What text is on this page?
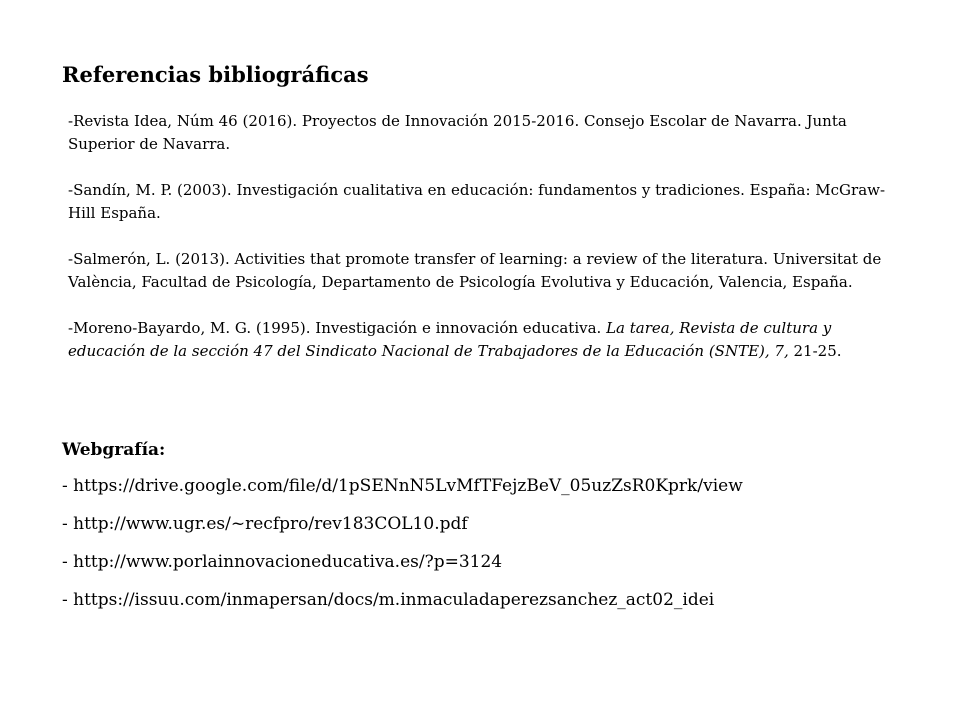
Referencias bibliográficas
-Revista Idea, Núm 46 (2016). Proyectos de Innovación 2015-2016. Consejo Escolar de Navarra. Junta Superior de Navarra.
-Sandín, M. P. (2003). Investigación cualitativa en educación: fundamentos y tradiciones. España: McGraw-Hill España.
-Salmerón, L. (2013). Activities that promote transfer of learning: a review of the literatura. Universitat de València, Facultad de Psicología, Departamento de Psicología Evolutiva y Educación, Valencia, España.
-Moreno-Bayardo, M. G. (1995). Investigación e innovación educativa. La tarea, Revista de cultura y educación de la sección 47 del Sindicato Nacional de Trabajadores de la Educación (SNTE), 7, 21-25.
Webgrafía:
- https://drive.google.com/file/d/1pSENnN5LvMfTFejzBeV_05uzZsR0Kprk/view
- http://www.ugr.es/~recfpro/rev183COL10.pdf
- http://www.porlainnovacioneducativa.es/?p=3124
- https://issuu.com/inmapersan/docs/m.inmaculadaperezsanchez_act02_idei
